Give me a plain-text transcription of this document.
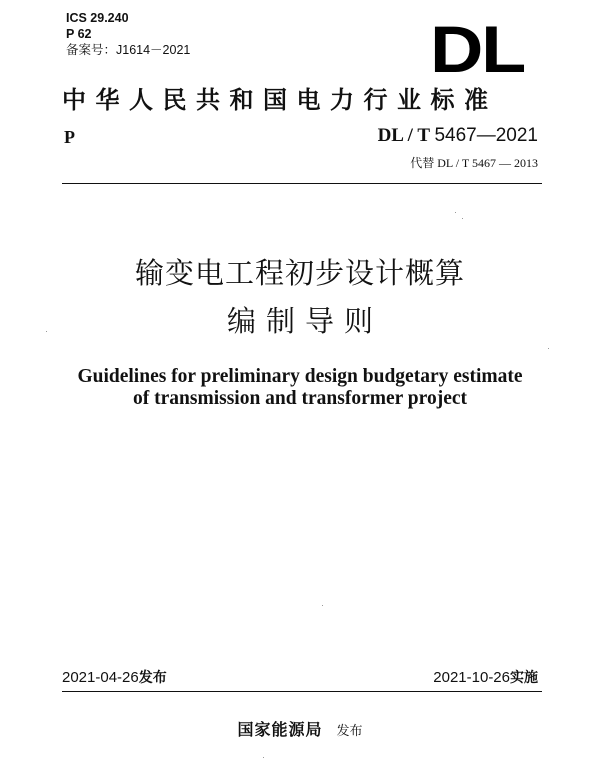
ICS 29.240
P 62
备案号：J1614－2021	DL
中华人民共和国电力行业标准
P	DL / T 5467—2021
代替 DL / T 5467 — 2013
输变电工程初步设计概算
编制导则
Guidelines for preliminary design budgetary estimate
of transmission and transformer project
2021-04-26发布	2021-10-26实施
国家能源局 发布
